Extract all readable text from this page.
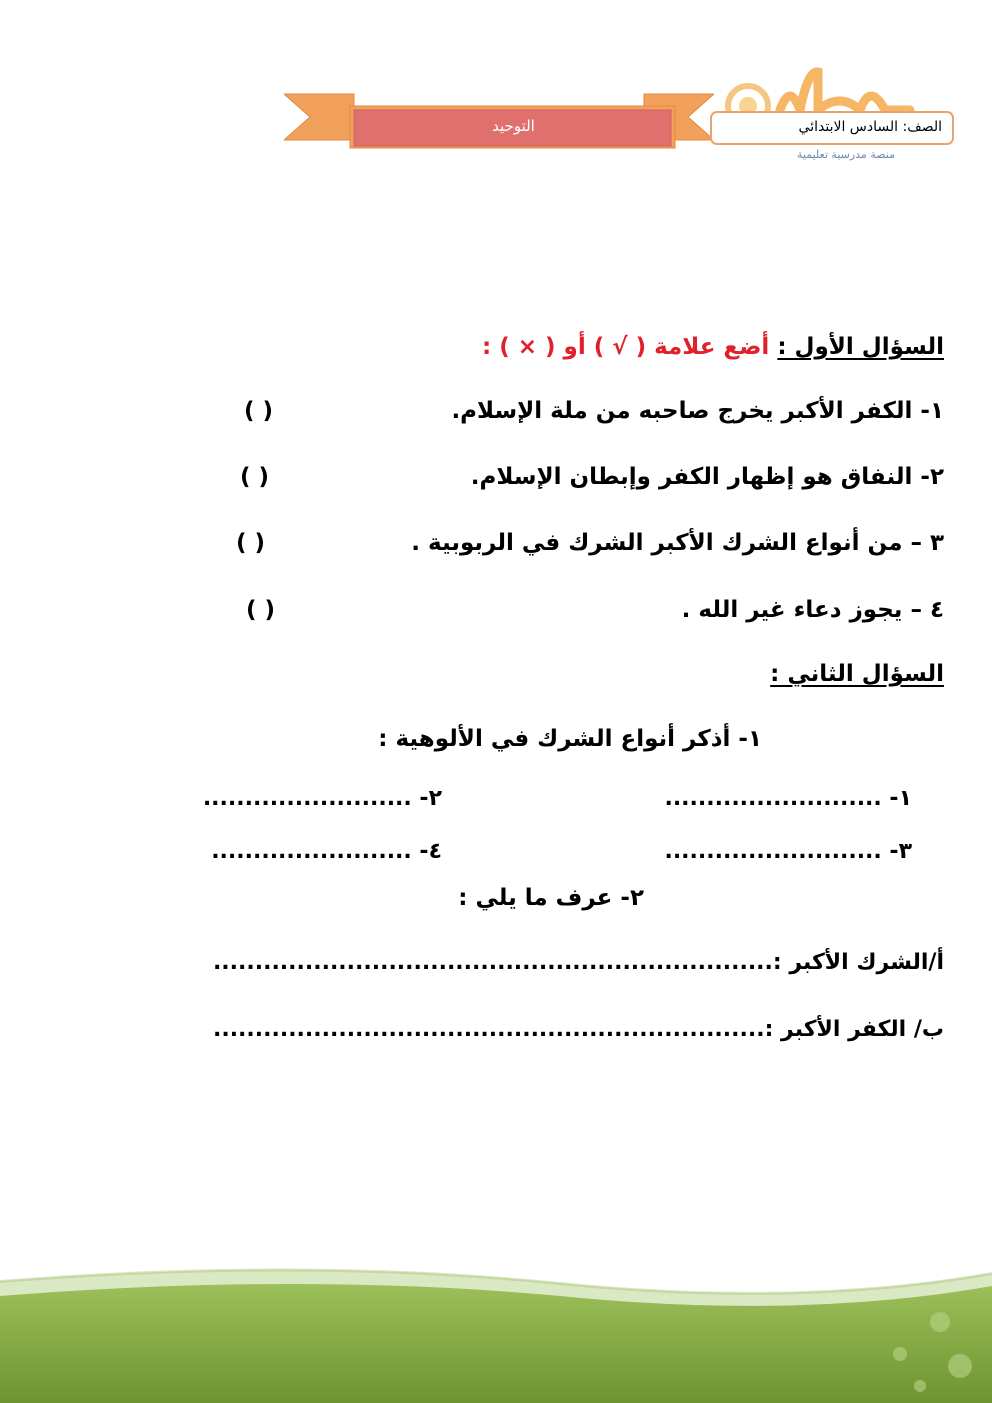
التوحيد	الصف: السادس الابتدائي
منصة مدرسية تعليمية
السؤال الأول : أضع علامة ( √ ) أو ( × ) :
١- الكفر الأكبر يخرج صاحبه من ملة الإسلام.
( )
٢- النفاق هو إظهار الكفر وإبطان الإسلام.
( )
٣ – من أنواع الشرك الأكبر الشرك في الربوبية .
( )
٤ – يجوز دعاء غير الله .
( )
السؤال الثاني :
١- أذكر أنواع الشرك في الألوهية :
١- ..........................
٢- .........................
٣- ..........................
٤- ........................
٢- عرف ما يلي :
أ/الشرك الأكبر :...................................................................
ب/ الكفر الأكبر :..................................................................
